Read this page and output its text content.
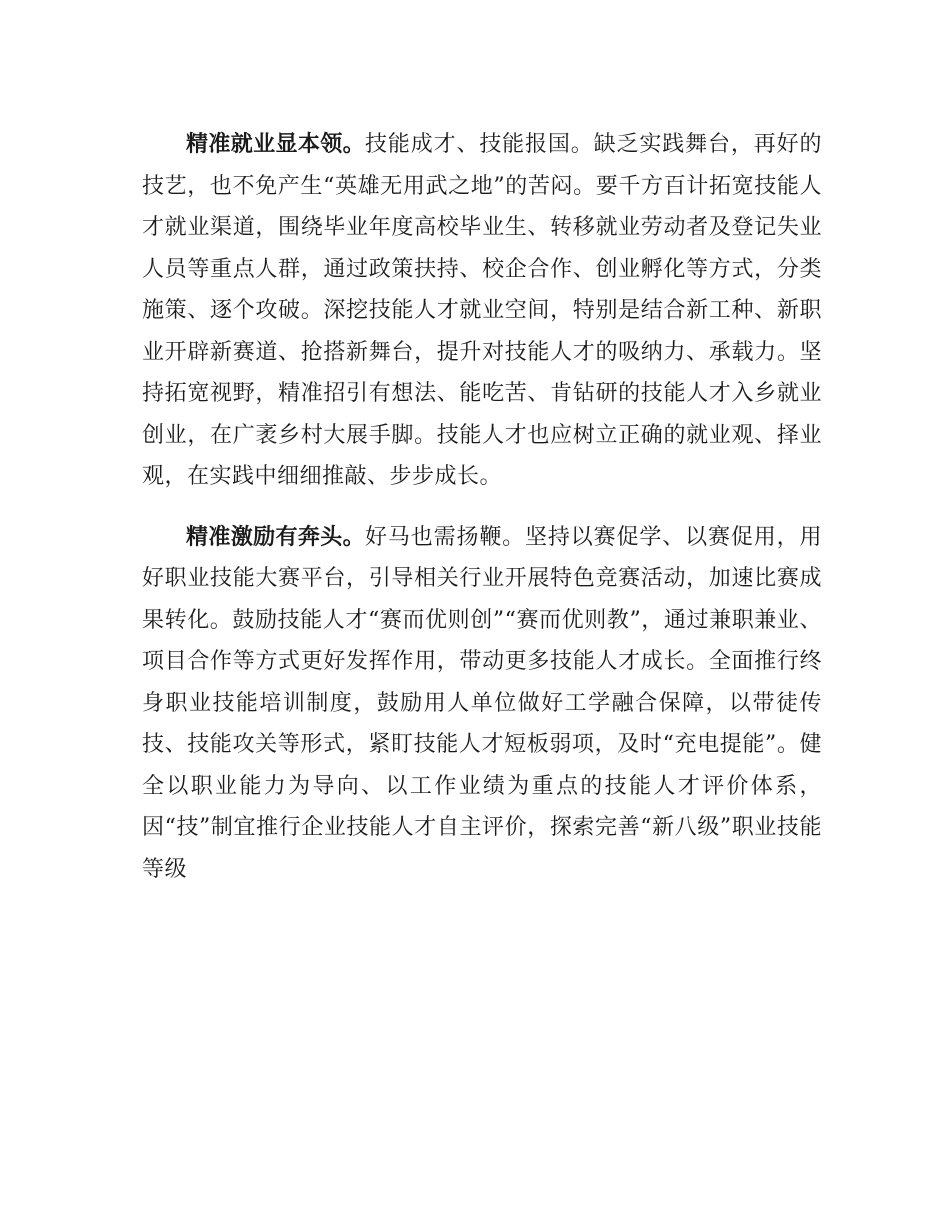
精准就业显本领。技能成才、技能报国。缺乏实践舞台，再好的技艺，也不免产生“英雄无用武之地”的苦闷。要千方百计拓宽技能人才就业渠道，围绕毕业年度高校毕业生、转移就业劳动者及登记失业人员等重点人群，通过政策扶持、校企合作、创业孵化等方式，分类施策、逐个攻破。深挖技能人才就业空间，特别是结合新工种、新职业开辟新赛道、抢搭新舞台，提升对技能人才的吸纳力、承载力。坚持拓宽视野，精准招引有想法、能吃苦、肯钻研的技能人才入乡就业创业，在广袤乡村大展手脚。技能人才也应树立正确的就业观、择业观，在实践中细细推敲、步步成长。

精准激励有奔头。好马也需扬鞭。坚持以赛促学、以赛促用，用好职业技能大赛平台，引导相关行业开展特色竞赛活动，加速比赛成果转化。鼓励技能人才“赛而优则创”“赛而优则教”，通过兼职兼业、项目合作等方式更好发挥作用，带动更多技能人才成长。全面推行终身职业技能培训制度，鼓励用人单位做好工学融合保障，以带徒传技、技能攻关等形式，紧盯技能人才短板弱项，及时“充电提能”。健全以职业能力为导向、以工作业绩为重点的技能人才评价体系，因“技”制宜推行企业技能人才自主评价，探索完善“新八级”职业技能等级
